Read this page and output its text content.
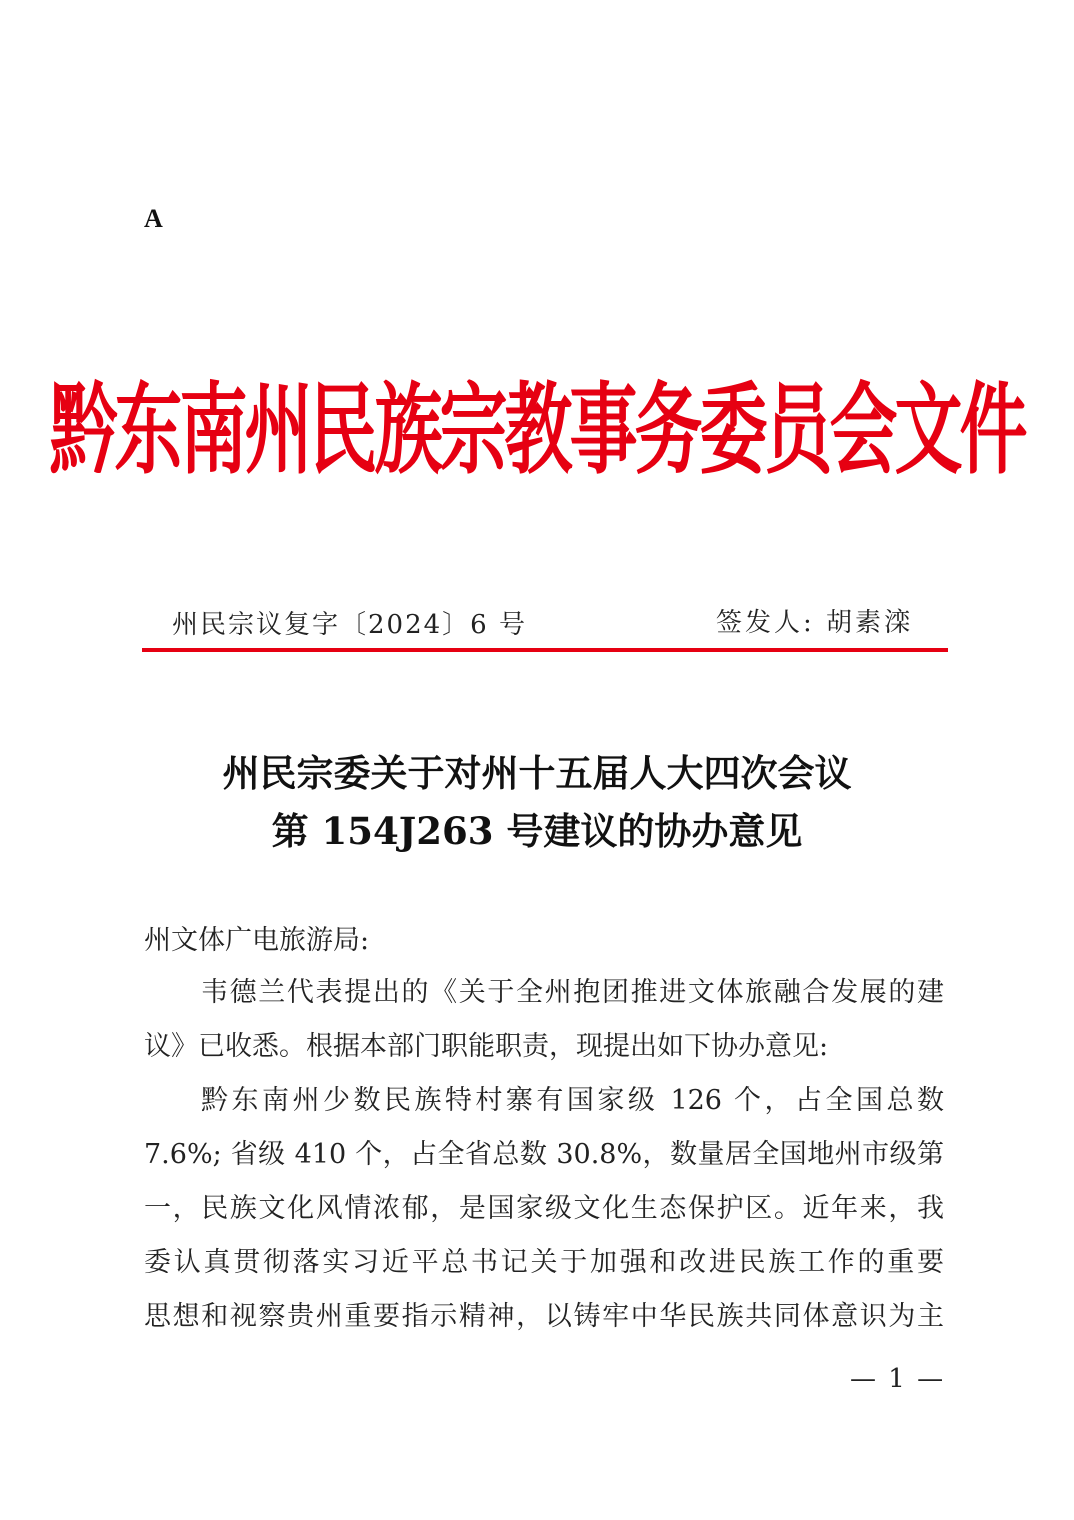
A
黔东南州民族宗教事务委员会文件
州民宗议复字〔2024〕6 号	签发人: 胡素滦
州民宗委关于对州十五届人大四次会议
第 154J263 号建议的协办意见
州文体广电旅游局:
韦德兰代表提出的《关于全州抱团推进文体旅融合发展的建
议》已收悉。根据本部门职能职责，现提出如下协办意见:
黔东南州少数民族特村寨有国家级 126 个，占全国总数
7.6%; 省级 410 个，占全省总数 30.8%，数量居全国地州市级第
一，民族文化风情浓郁，是国家级文化生态保护区。近年来，我
委认真贯彻落实习近平总书记关于加强和改进民族工作的重要
思想和视察贵州重要指示精神，以铸牢中华民族共同体意识为主
— 1 —
